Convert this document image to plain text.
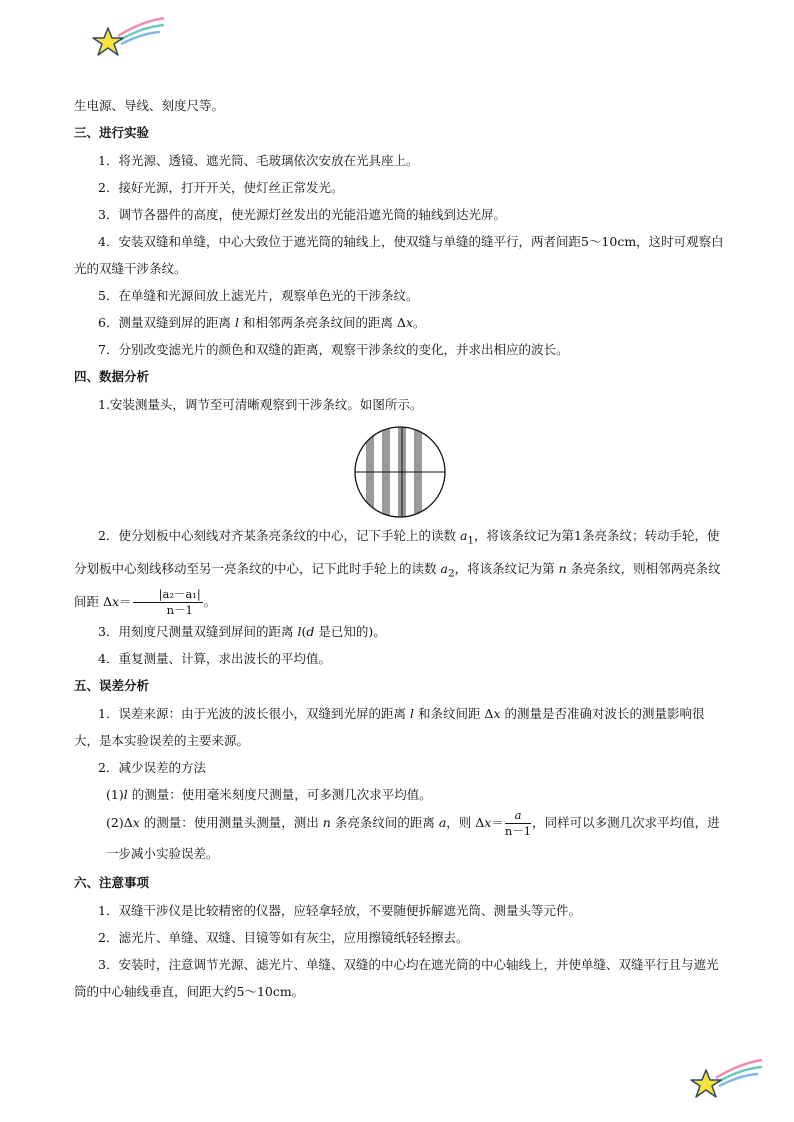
生电源、导线、刻度尺等。

三、进行实验

1．将光源、透镜、遮光筒、毛玻璃依次安放在光具座上。

2．接好光源，打开开关，使灯丝正常发光。

3．调节各器件的高度，使光源灯丝发出的光能沿遮光筒的轴线到达光屏。

4．安装双缝和单缝，中心大致位于遮光筒的轴线上，使双缝与单缝的缝平行，两者间距5～10cm，这时可观察白光的双缝干涉条纹。

5．在单缝和光源间放上滤光片，观察单色光的干涉条纹。

6．测量双缝到屏的距离 l 和相邻两条亮条纹间的距离 Δx。

7．分别改变滤光片的颜色和双缝的距离，观察干涉条纹的变化，并求出相应的波长。

四、数据分析

1.安装测量头，调节至可清晰观察到干涉条纹。如图所示。

2．使分划板中心刻线对齐某条亮条纹的中心，记下手轮上的读数 $a_1$，将该条纹记为第1条亮条纹；转动手轮，使分划板中心刻线移动至另一亮条纹的中心，记下此时手轮上的读数 $a_2$，将该条纹记为第 n 条亮条纹，则相邻两亮条纹间距 $\Delta x= \frac{\text{|a₂－a₁|}}{n-1}$ 。

3．用刻度尺测量双缝到屏间的距离 l(d 是已知的)。

4．重复测量、计算，求出波长的平均值。

五、误差分析

1．误差来源：由于光波的波长很小，双缝到光屏的距离 l 和条纹间距 Δx 的测量是否准确对波长的测量影响很大，是本实验误差的主要来源。

2．减少误差的方法

(1)l 的测量：使用毫米刻度尺测量，可多测几次求平均值。

(2)Δx 的测量：使用测量头测量，测出 n 条亮条纹间的距离 a，则 $\Delta x= \frac{a}{n-1}$ ，同样可以多测几次求平均值，进一步减小实验误差。

六、注意事项

1．双缝干涉仪是比较精密的仪器，应轻拿轻放，不要随便拆解遮光筒、测量头等元件。

2．滤光片、单缝、双缝、目镜等如有灰尘，应用擦镜纸轻轻擦去。

3．安装时，注意调节光源、滤光片、单缝、双缝的中心均在遮光筒的中心轴线上，并使单缝、双缝平行且与遮光筒的中心轴线垂直，间距大约5～10cm。
